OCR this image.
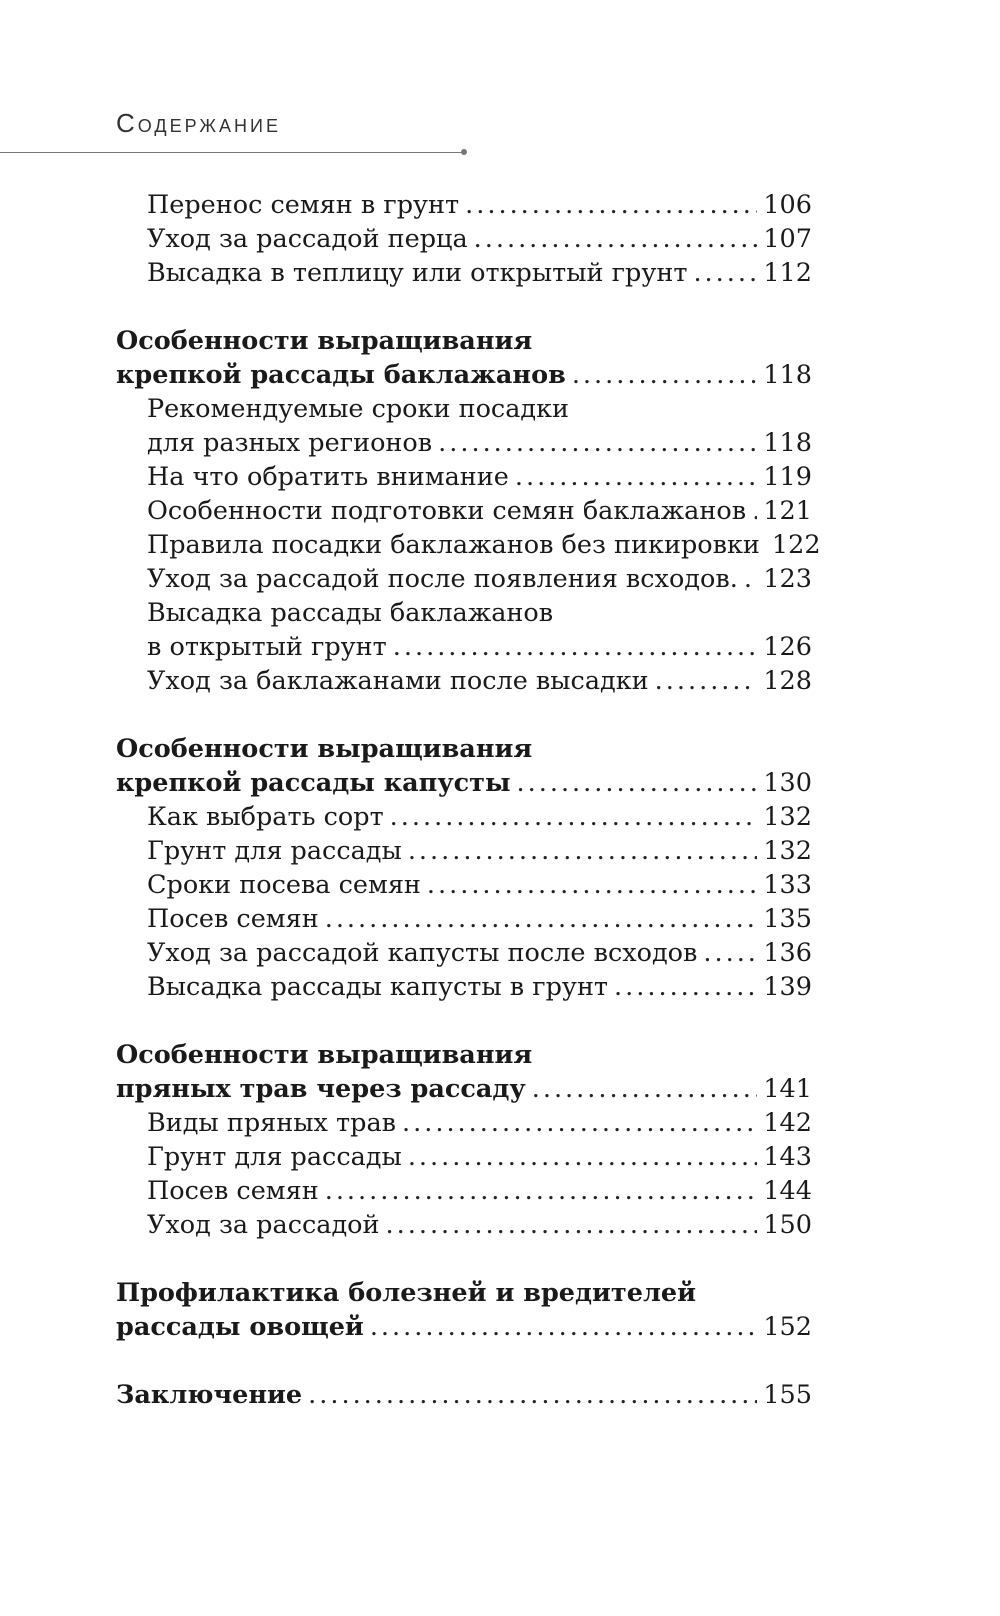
Содержание
Перенос семян в грунт .....	106
Уход за рассадой перца .....	107
Высадка в теплицу или открытый грунт .....	112
Особенности выращивания
крепкой рассады баклажанов .....	118
Рекомендуемые сроки посадки
для разных регионов .....	118
На что обратить внимание .....	119
Особенности подготовки семян баклажанов ..... 121
Правила посадки баклажанов без пикировки 122
Уход за рассадой после появления всходов. ..... 123
Высадка рассады баклажанов
в открытый грунт .....	126
Уход за баклажанами после высадки .....	128
Особенности выращивания
крепкой рассады капусты .....	130
Как выбрать сорт .....	132
Грунт для рассады .....	132
Сроки посева семян .....	133
Посев семян .....	135
Уход за рассадой капусты после всходов .....	136
Высадка рассады капусты в грунт .....	139
Особенности выращивания
пряных трав через рассаду .....	141
Виды пряных трав .....	142
Грунт для рассады .....	143
Посев семян .....	144
Уход за рассадой .....	150
Профилактика болезней и вредителей
рассады овощей .....	152
Заключение .....	155
